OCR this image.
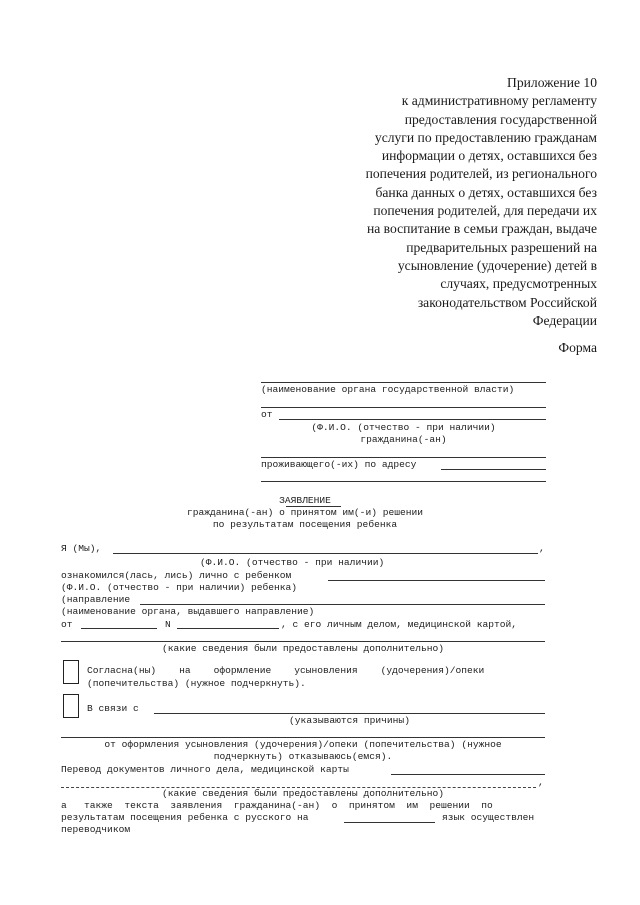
Приложение 10
к административному регламенту
предоставления государственной
услуги по предоставлению гражданам
информации о детях, оставшихся без
попечения родителей, из регионального
банка данных о детях, оставшихся без
попечения родителей, для передачи их
на воспитание в семьи граждан, выдаче
предварительных разрешений на
усыновление (удочерение) детей в
случаях, предусмотренных
законодательством Российской
Федерации
Форма
(наименование органа государственной власти)
от
(Ф.И.О. (отчество - при наличии)
гражданина(-ан)
проживающего(-их) по адресу
ЗАЯВЛЕНИЕ
гражданина(-ан) о принятом им(-и) решении
по результатам посещения ребенка
Я (Мы),	,
(Ф.И.О. (отчество - при наличии)
ознакомился(лась, лись) лично с ребенком
(Ф.И.О. (отчество - при наличии) ребенка)
(направление
(наименование органа, выдавшего направление)
от	N	, с его личным делом, медицинской картой,
(какие сведения были предоставлены дополнительно)
Согласна(ны)    на    оформление    усыновления    (удочерения)/опеки
(попечительства) (нужное подчеркнуть).
В связи с
(указываются причины)
от оформления усыновления (удочерения)/опеки (попечительства) (нужное
подчеркнуть) отказываюсь(емся).
Перевод документов личного дела, медицинской карты
,
(какие сведения были предоставлены дополнительно)
а   также  текста  заявления  гражданина(-ан)  о  принятом  им  решении  по
результатам посещения ребенка с русского на	язык осуществлен
переводчиком
